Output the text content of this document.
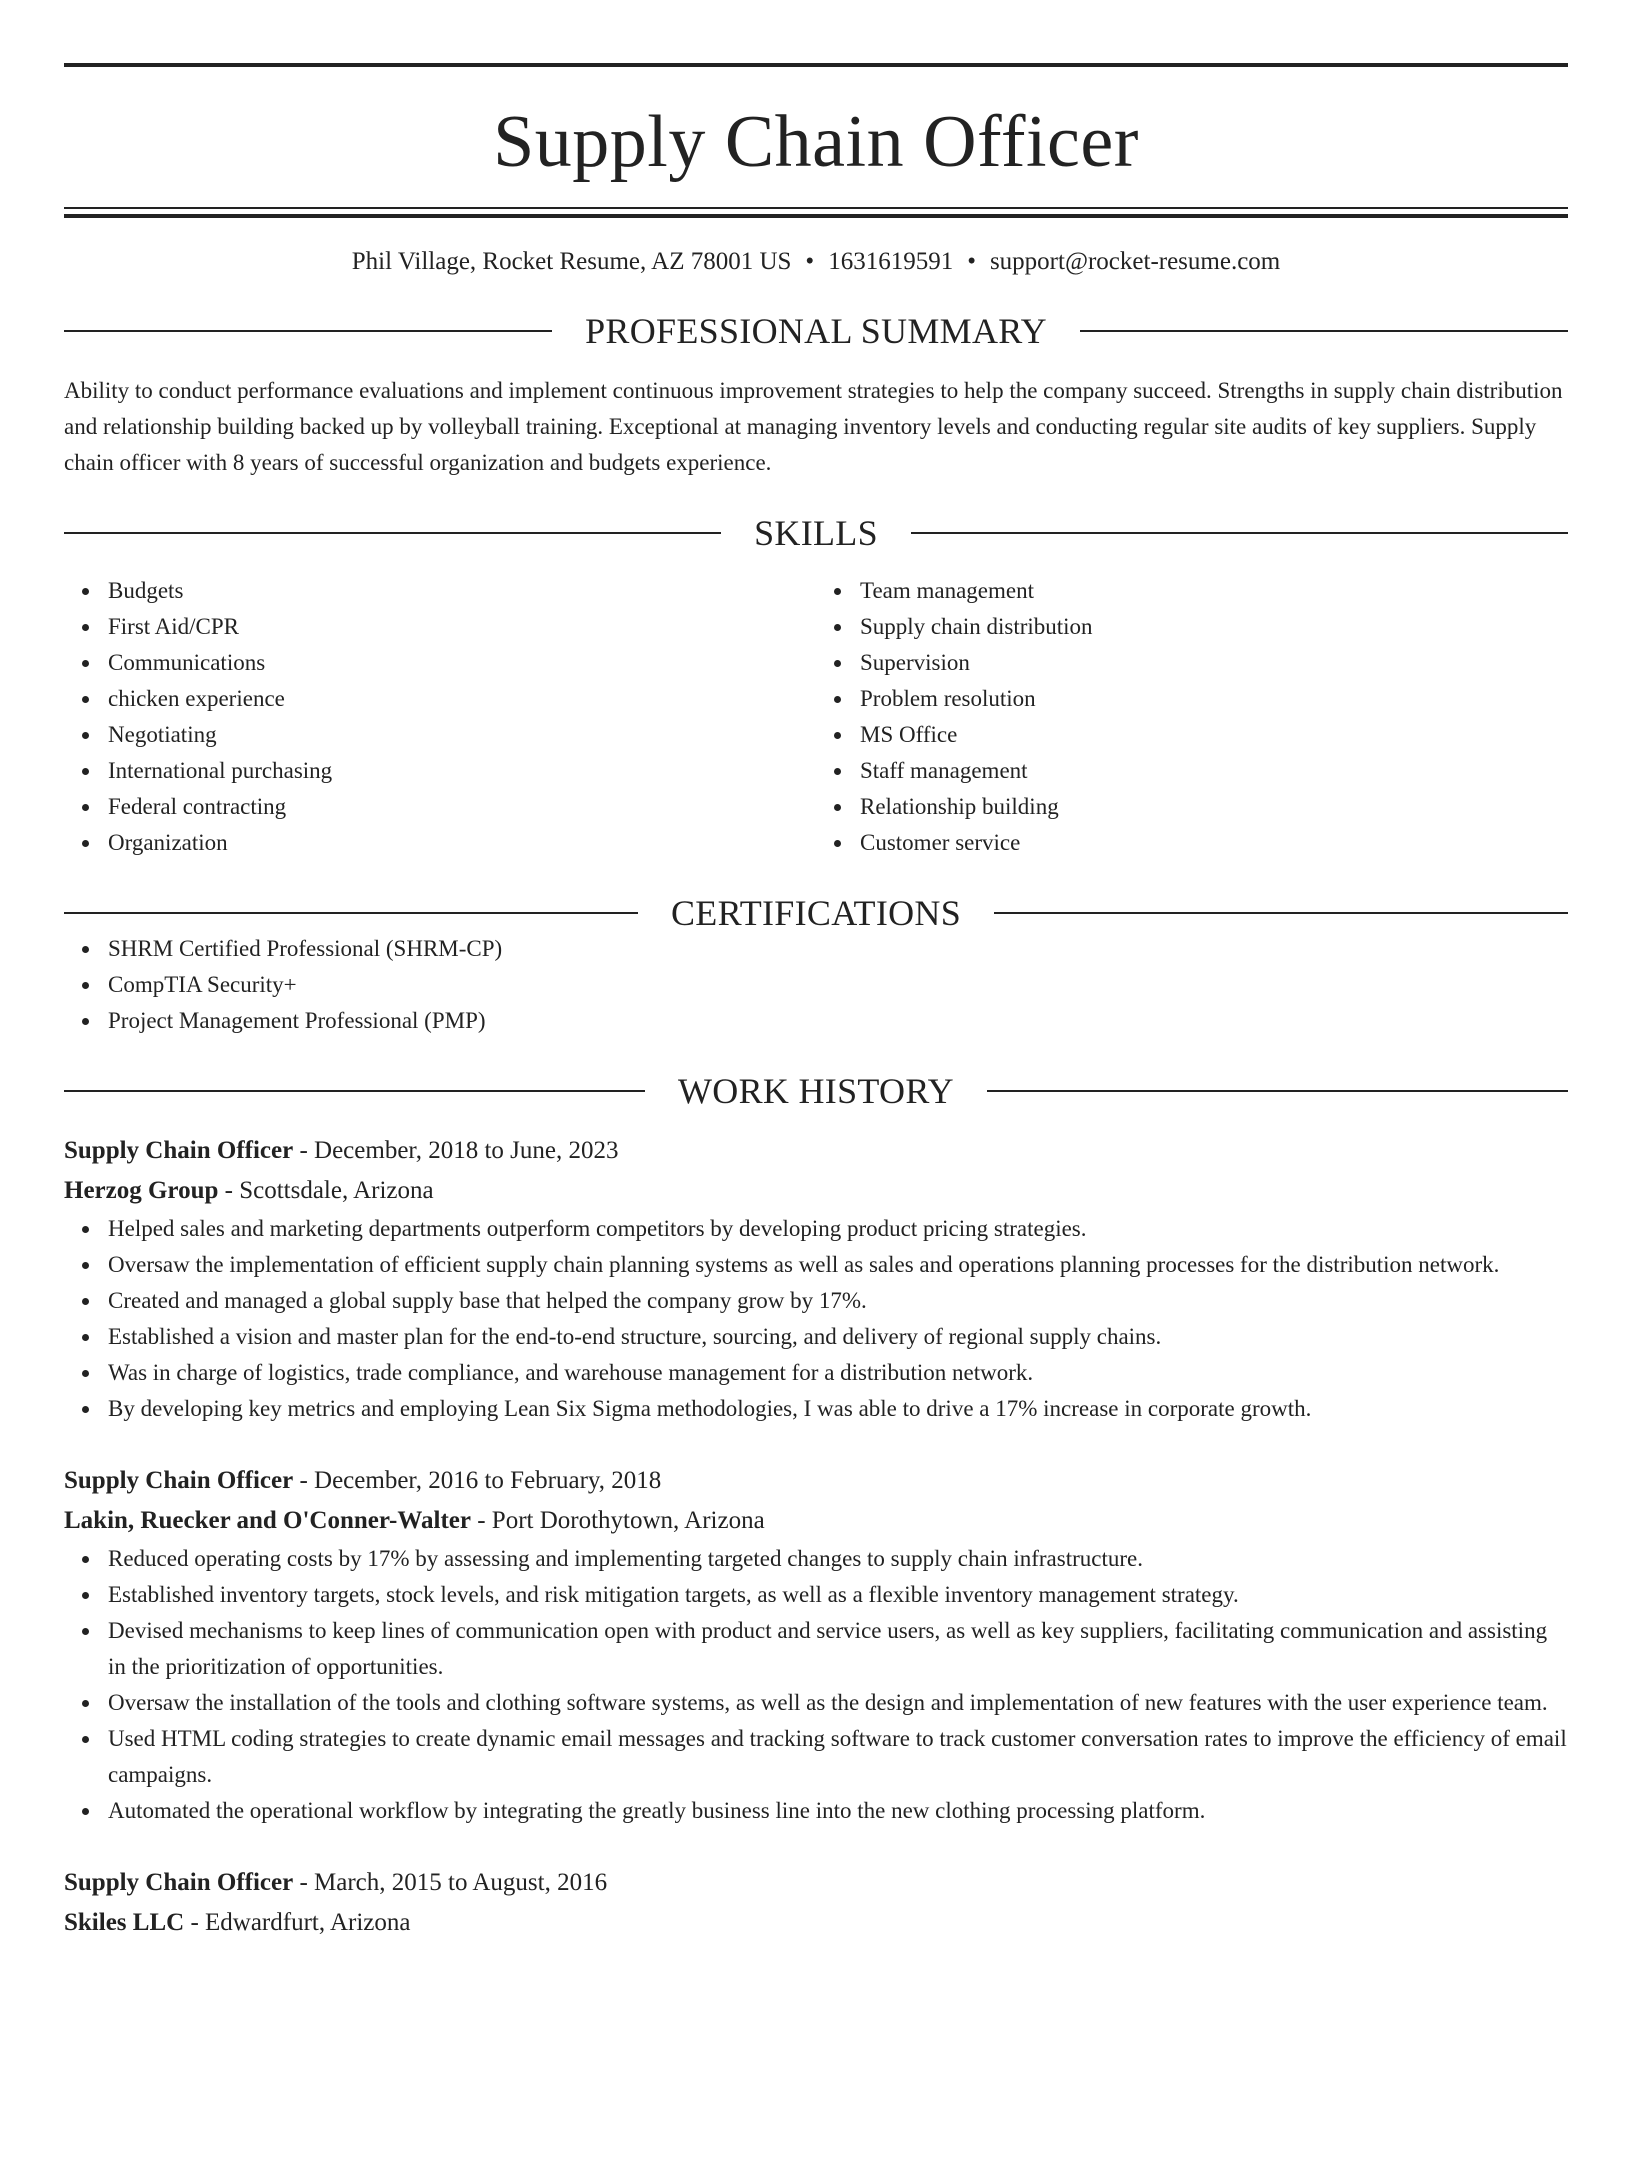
Supply Chain Officer
Phil Village, Rocket Resume, AZ 78001 US • 1631619591 • support@rocket-resume.com
PROFESSIONAL SUMMARY

Ability to conduct performance evaluations and implement continuous improvement strategies to help the company succeed. Strengths in supply chain distribution and relationship building backed up by volleyball training. Exceptional at managing inventory levels and conducting regular site audits of key suppliers. Supply chain officer with 8 years of successful organization and budgets experience.

SKILLS
Budgets
First Aid/CPR
Communications
chicken experience
Negotiating
International purchasing
Federal contracting
Organization
Team management
Supply chain distribution
Supervision
Problem resolution
MS Office
Staff management
Relationship building
Customer service
CERTIFICATIONS
SHRM Certified Professional (SHRM-CP)
CompTIA Security+
Project Management Professional (PMP)
WORK HISTORY
Supply Chain Officer - December, 2018 to June, 2023
Herzog Group - Scottsdale, Arizona
Helped sales and marketing departments outperform competitors by developing product pricing strategies.
Oversaw the implementation of efficient supply chain planning systems as well as sales and operations planning processes for the distribution network.
Created and managed a global supply base that helped the company grow by 17%.
Established a vision and master plan for the end-to-end structure, sourcing, and delivery of regional supply chains.
Was in charge of logistics, trade compliance, and warehouse management for a distribution network.
By developing key metrics and employing Lean Six Sigma methodologies, I was able to drive a 17% increase in corporate growth.
Supply Chain Officer - December, 2016 to February, 2018
Lakin, Ruecker and O'Conner-Walter - Port Dorothytown, Arizona
Reduced operating costs by 17% by assessing and implementing targeted changes to supply chain infrastructure.
Established inventory targets, stock levels, and risk mitigation targets, as well as a flexible inventory management strategy.
Devised mechanisms to keep lines of communication open with product and service users, as well as key suppliers, facilitating communication and assisting in the prioritization of opportunities.
Oversaw the installation of the tools and clothing software systems, as well as the design and implementation of new features with the user experience team.
Used HTML coding strategies to create dynamic email messages and tracking software to track customer conversation rates to improve the efficiency of email campaigns.
Automated the operational workflow by integrating the greatly business line into the new clothing processing platform.
Supply Chain Officer - March, 2015 to August, 2016
Skiles LLC - Edwardfurt, Arizona
